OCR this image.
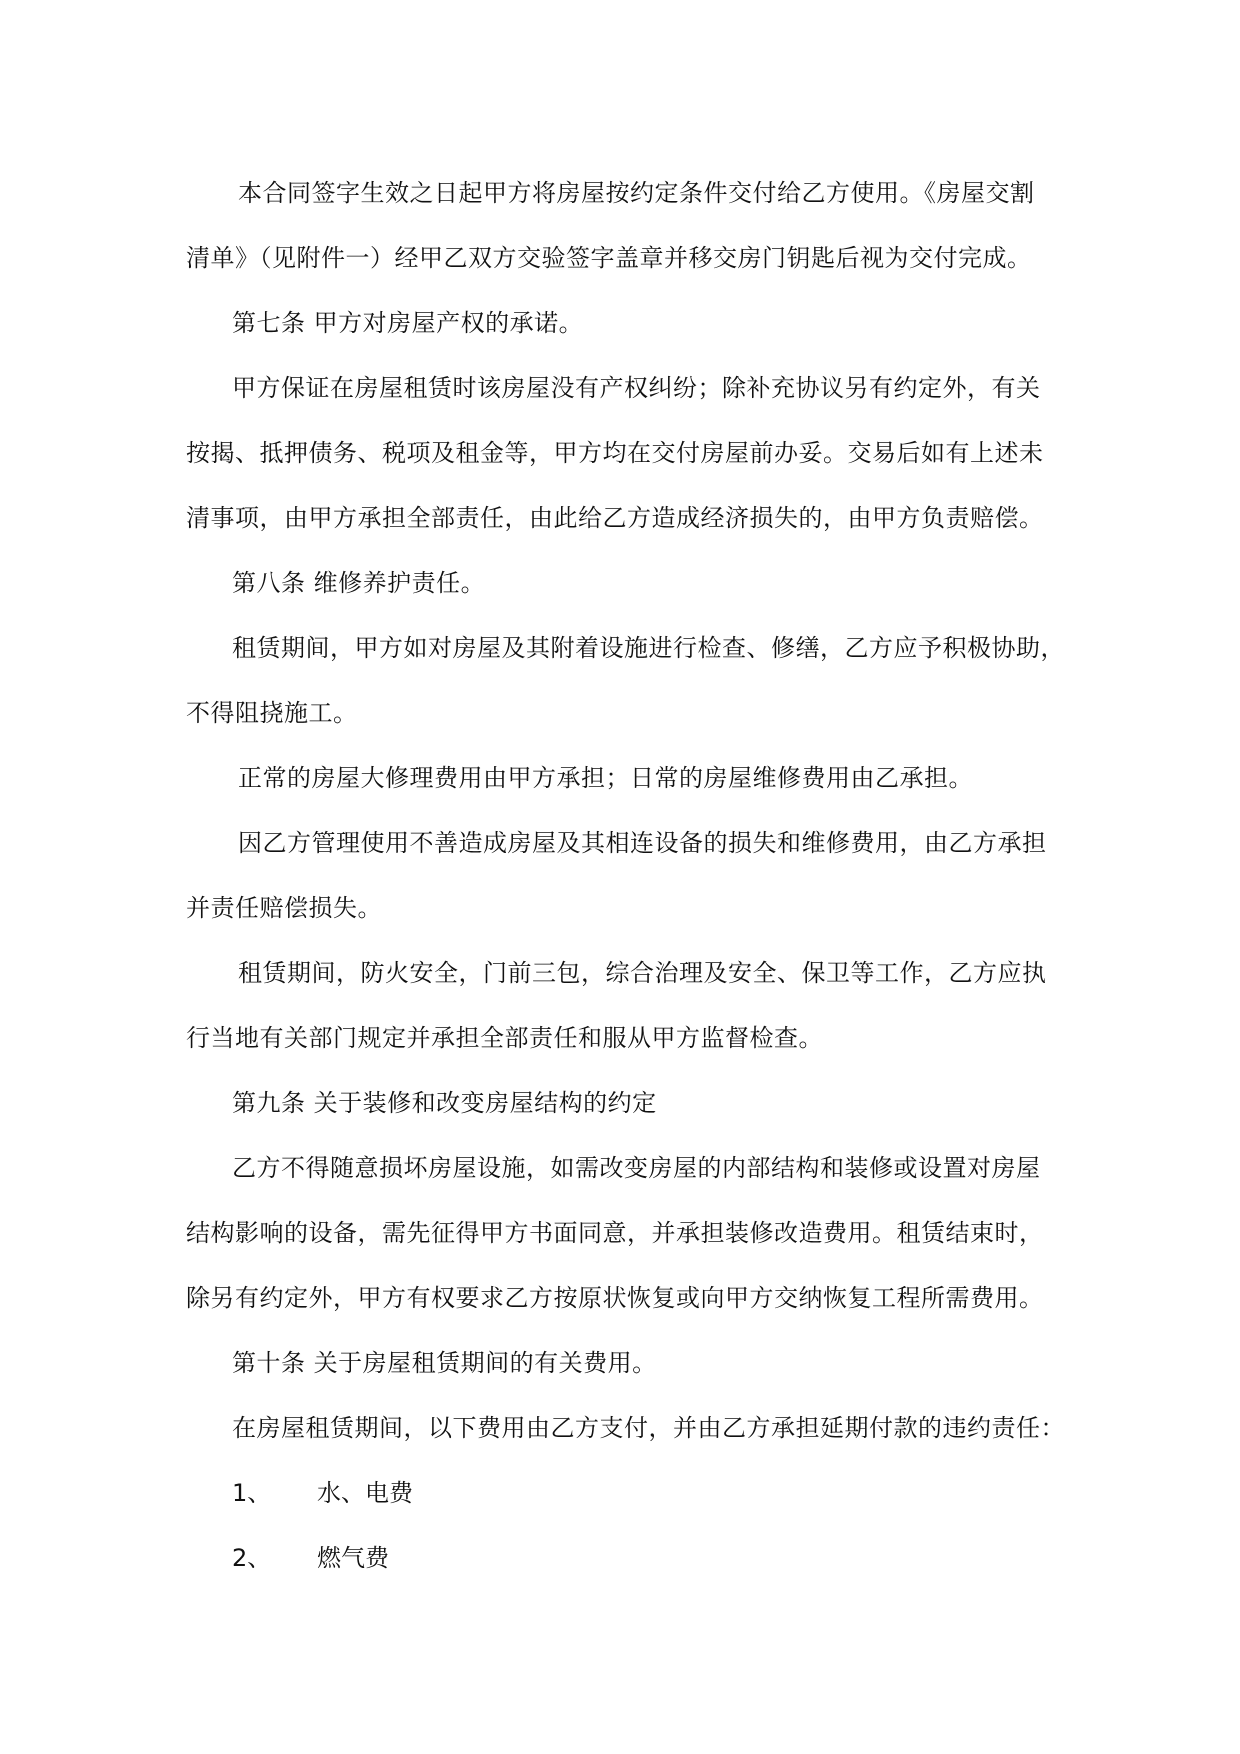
本合同签字生效之日起甲方将房屋按约定条件交付给乙方使用。《房屋交割

清单》（见附件一）经甲乙双方交验签字盖章并移交房门钥匙后视为交付完成。

第七条 甲方对房屋产权的承诺。

甲方保证在房屋租赁时该房屋没有产权纠纷；除补充协议另有约定外，有关

按揭、抵押债务、税项及租金等，甲方均在交付房屋前办妥。交易后如有上述未

清事项，由甲方承担全部责任，由此给乙方造成经济损失的，由甲方负责赔偿。

第八条 维修养护责任。

租赁期间，甲方如对房屋及其附着设施进行检查、修缮，乙方应予积极协助，

不得阻挠施工。

正常的房屋大修理费用由甲方承担；日常的房屋维修费用由乙承担。

因乙方管理使用不善造成房屋及其相连设备的损失和维修费用，由乙方承担

并责任赔偿损失。

租赁期间，防火安全，门前三包，综合治理及安全、保卫等工作，乙方应执

行当地有关部门规定并承担全部责任和服从甲方监督检查。

第九条 关于装修和改变房屋结构的约定

乙方不得随意损坏房屋设施，如需改变房屋的内部结构和装修或设置对房屋

结构影响的设备，需先征得甲方书面同意，并承担装修改造费用。租赁结束时，

除另有约定外，甲方有权要求乙方按原状恢复或向甲方交纳恢复工程所需费用。

第十条 关于房屋租赁期间的有关费用。

在房屋租赁期间，以下费用由乙方支付，并由乙方承担延期付款的违约责任：

1、 水、电费
2、 燃气费
